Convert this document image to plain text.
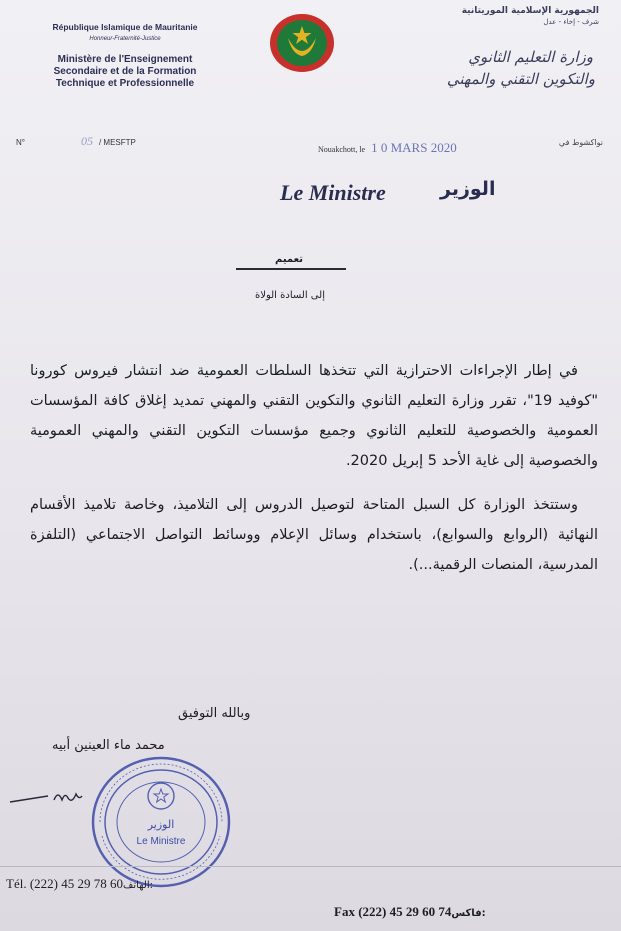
République Islamique de Mauritanie
Honneur-Fraternité-Justice
Ministère de l'Enseignement
Secondaire et de la Formation
Technique et Professionnelle
الجمهورية الإسلامية الموريتانية
شرف - إخاء - عدل
وزارة التعليم الثانوي
والتكوين التقني والمهني
N°	05 / MESFTP
Nouakchott, le 1 0 MARS 2020	نواكشوط في
Le Ministre	الوزير
تعميم
إلى السادة الولاة

في إطار الإجراءات الاحترازية التي تتخذها السلطات العمومية ضد انتشار فيروس كورونا "كوفيد 19"، تقرر وزارة التعليم الثانوي والتكوين التقني والمهني تمديد إغلاق كافة المؤسسات العمومية والخصوصية للتعليم الثانوي وجميع مؤسسات التكوين التقني والمهني العمومية والخصوصية إلى غاية الأحد 5 إبريل 2020.

وستتخذ الوزارة كل السبل المتاحة لتوصيل الدروس إلى التلاميذ، وخاصة تلاميذ الأقسام النهائية (الروابع والسوابع)، باستخدام وسائل الإعلام ووسائط التواصل الاجتماعي (التلفزة المدرسية، المنصات الرقمية...).

وبالله التوفيق
محمد ماء العينين أبيه
الوزير
Le Ministre
Tél. (222) 45 29 78 60الهاتف:
Fax (222) 45 29 60 74فاكس:
